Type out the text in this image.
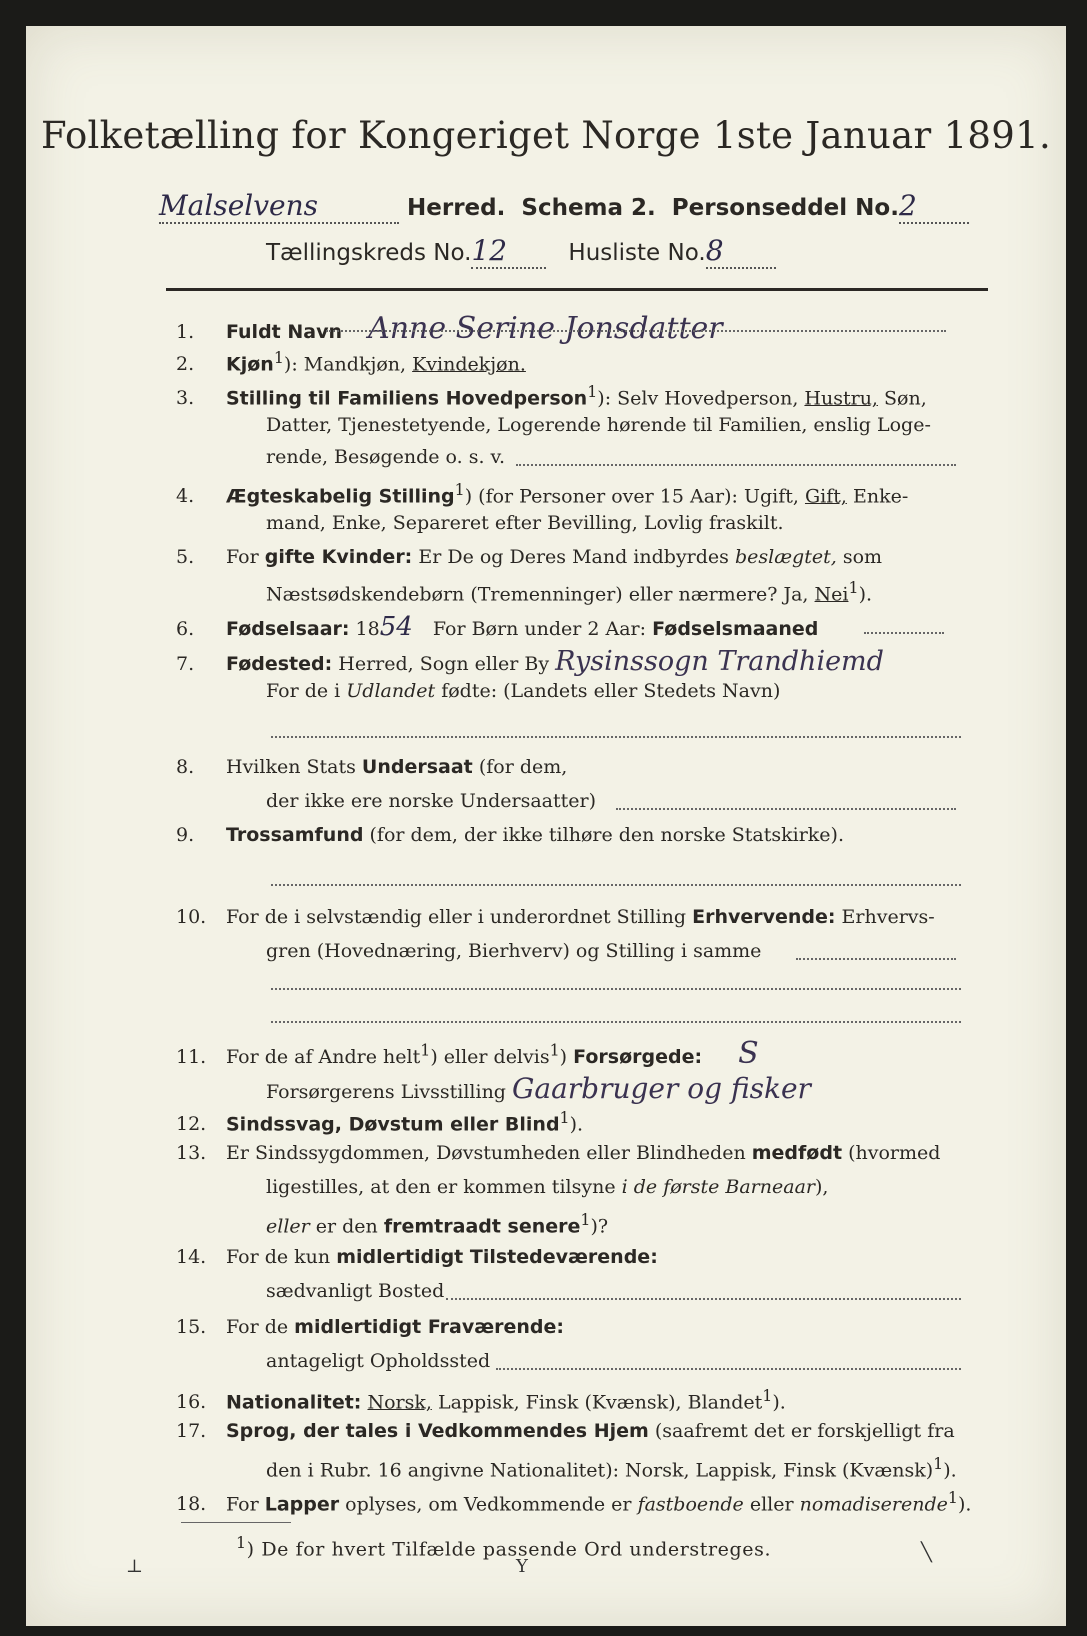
Folketælling for Kongeriget Norge 1ste Januar 1891.
Malselvens	Herred. Schema 2. Personseddel No.2
Tællingskreds No.12	Husliste No.8
1. Fuldt Navn Anne Serine Jonsdatter
2. Kjøn$^1$): Mandkjøn, Kvindekjøn.
3. Stilling til Familiens Hovedperson$^1$): Selv Hovedperson, Hustru, Søn,
Datter, Tjenestetyende, Logerende hørende til Familien, enslig Loge-
rende, Besøgende o. s. v.
4. Ægteskabelig Stilling$^1$) (for Personer over 15 Aar): Ugift, Gift, Enke-
mand, Enke, Separeret efter Bevilling, Lovlig fraskilt.
5. For gifte Kvinder: Er De og Deres Mand indbyrdes beslægtet, som
Næstsødskendebørn (Tremenninger) eller nærmere? Ja, Nei$^1$).
6. Fødselsaar: 1854 For Børn under 2 Aar: Fødselsmaaned
7. Fødested: Herred, Sogn eller By Rysinssogn Trandhiemd
For de i Udlandet fødte: (Landets eller Stedets Navn)
8. Hvilken Stats Undersaat (for dem,
der ikke ere norske Undersaatter)
9. Trossamfund (for dem, der ikke tilhøre den norske Statskirke).
10. For de i selvstændig eller i underordnet Stilling Erhvervende: Erhvervs-
gren (Hovednæring, Bierhverv) og Stilling i samme
11. For de af Andre helt$^1$) eller delvis$^1$) Forsørgede: S
Forsørgerens Livsstilling Gaarbruger og fisker
12. Sindssvag, Døvstum eller Blind$^1$).
13. Er Sindssygdommen, Døvstumheden eller Blindheden medfødt (hvormed
ligestilles, at den er kommen tilsyne i de første Barneaar),
eller er den fremtraadt senere$^1$)?
14. For de kun midlertidigt Tilstedeværende:
sædvanligt Bosted
15. For de midlertidigt Fraværende:
antageligt Opholdssted
16. Nationalitet: Norsk, Lappisk, Finsk (Kvænsk), Blandet$^1$).
17. Sprog, der tales i Vedkommendes Hjem (saafremt det er forskjelligt fra
den i Rubr. 16 angivne Nationalitet): Norsk, Lappisk, Finsk (Kvænsk)$^1$).
18. For Lapper oplyses, om Vedkommende er fastboende eller nomadiserende$^1$).
$^1$) De for hvert Tilfælde passende Ord understreges.
⊥	Y
╲
